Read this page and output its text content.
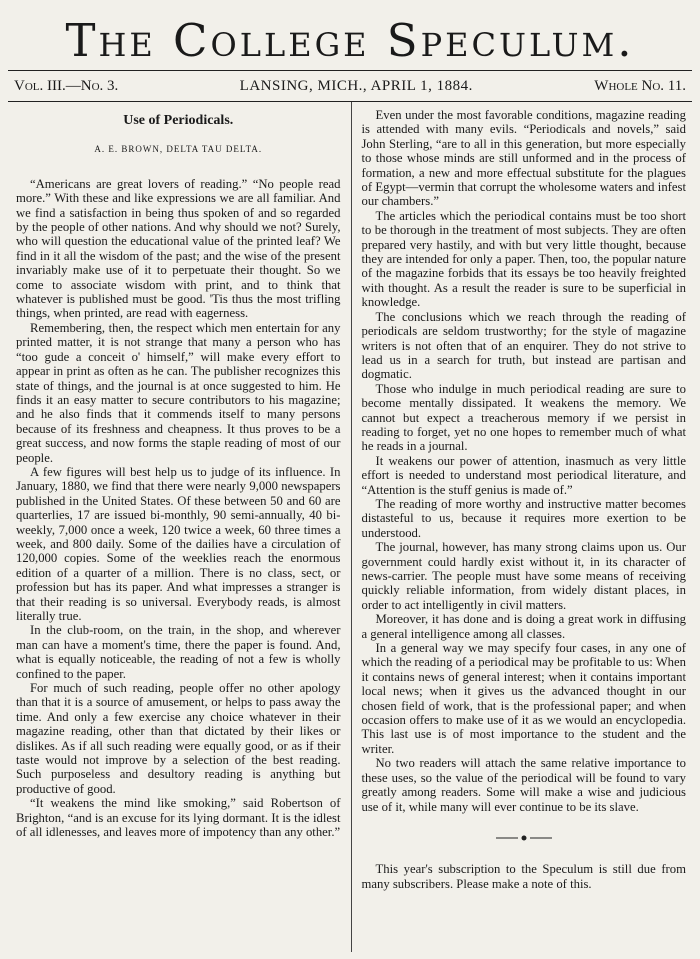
The College Speculum.
Vol. III.—No. 3.	LANSING, MICH., APRIL 1, 1884.	Whole No. 11.
Use of Periodicals.
A. E. BROWN, DELTA TAU DELTA.

“Americans are great lovers of reading.” “No people read more.” With these and like expressions we are all familiar. And we find a satisfaction in being thus spoken of and so regarded by the people of other nations. And why should we not? Surely, who will question the educational value of the printed leaf? We find in it all the wisdom of the past; and the wise of the present invariably make use of it to perpetuate their thought. So we come to associate wisdom with print, and to think that whatever is published must be good. 'Tis thus the most trifling things, when printed, are read with eagerness.

Remembering, then, the respect which men entertain for any printed matter, it is not strange that many a person who has “too gude a conceit o' himself,” will make every effort to appear in print as often as he can. The publisher recognizes this state of things, and the journal is at once suggested to him. He finds it an easy matter to secure contributors to his magazine; and he also finds that it commends itself to many persons because of its freshness and cheapness. It thus proves to be a great success, and now forms the staple reading of most of our people.

A few figures will best help us to judge of its influence. In January, 1880, we find that there were nearly 9,000 newspapers published in the United States. Of these between 50 and 60 are quarterlies, 17 are issued bi-monthly, 90 semi-annually, 40 bi-weekly, 7,000 once a week, 120 twice a week, 60 three times a week, and 800 daily. Some of the dailies have a circulation of 120,000 copies. Some of the weeklies reach the enormous edition of a quarter of a million. There is no class, sect, or profession but has its paper. And what impresses a stranger is that their reading is so universal. Everybody reads, is almost literally true.

In the club-room, on the train, in the shop, and wherever man can have a moment's time, there the paper is found. And, what is equally noticeable, the reading of not a few is wholly confined to the paper.

For much of such reading, people offer no other apology than that it is a source of amusement, or helps to pass away the time. And only a few exercise any choice whatever in their magazine reading, other than that dictated by their likes or dislikes. As if all such reading were equally good, or as if their taste would not improve by a selection of the best reading. Such purposeless and desultory reading is anything but productive of good.

“It weakens the mind like smoking,” said Robertson of Brighton, “and is an excuse for its lying dormant. It is the idlest of all idlenesses, and leaves more of impotency than any other.”

Even under the most favorable conditions, magazine reading is attended with many evils. “Periodicals and novels,” said John Sterling, “are to all in this generation, but more especially to those whose minds are still unformed and in the process of formation, a new and more effectual substitute for the plagues of Egypt—vermin that corrupt the wholesome waters and infest our chambers.”

The articles which the periodical contains must be too short to be thorough in the treatment of most subjects. They are often prepared very hastily, and with but very little thought, because they are intended for only a paper. Then, too, the popular nature of the magazine forbids that its essays be too heavily freighted with thought. As a result the reader is sure to be superficial in knowledge.

The conclusions which we reach through the reading of periodicals are seldom trustworthy; for the style of magazine writers is not often that of an enquirer. They do not strive to lead us in a search for truth, but instead are partisan and dogmatic.

Those who indulge in much periodical reading are sure to become mentally dissipated. It weakens the memory. We cannot but expect a treacherous memory if we persist in reading to forget, yet no one hopes to remember much of what he reads in a journal.

It weakens our power of attention, inasmuch as very little effort is needed to understand most periodical literature, and “Attention is the stuff genius is made of.”

The reading of more worthy and instructive matter becomes distasteful to us, because it requires more exertion to be understood.

The journal, however, has many strong claims upon us. Our government could hardly exist without it, in its character of news-carrier. The people must have some means of receiving quickly reliable information, from widely distant places, in order to act intelligently in civil matters.

Moreover, it has done and is doing a great work in diffusing a general intelligence among all classes.

In a general way we may specify four cases, in any one of which the reading of a periodical may be profitable to us: When it contains news of general interest; when it contains important local news; when it gives us the advanced thought in our chosen field of work, that is the professional paper; and when occasion offers to make use of it as we would an encyclopedia. This last use is of most importance to the student and the writer.

No two readers will attach the same relative importance to these uses, so the value of the periodical will be found to vary greatly among readers. Some will make a wise and judicious use of it, while many will ever continue to be its slave.

This year's subscription to the Speculum is still due from many subscribers. Please make a note of this.
